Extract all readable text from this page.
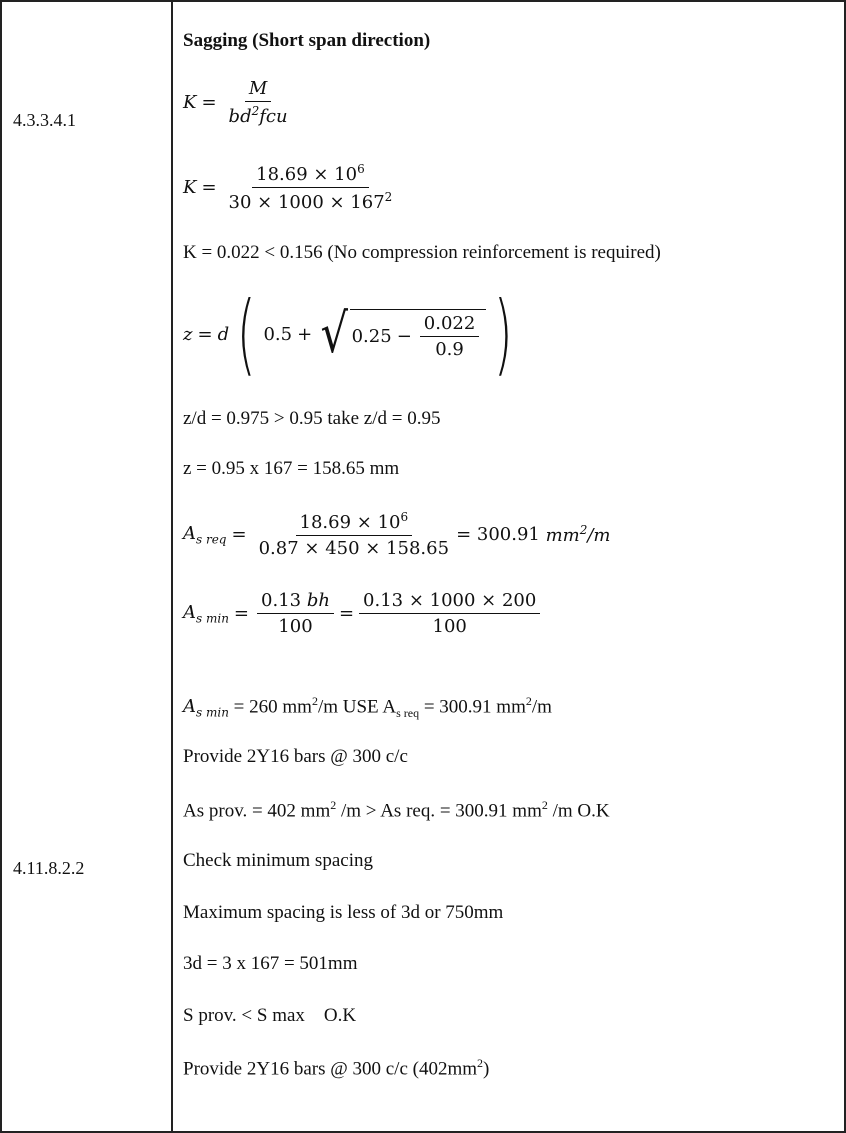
4.3.3.4.1
4.11.8.2.2
Sagging (Short span direction)
$K = \frac{M}{bd^2fcu}$
$K = \frac{18.69 \times 10^6}{30 \times 1000 \times 167^2}$
K = 0.022 < 0.156 (No compression reinforcement is required)
z = d ( 0.5 + √ $0.25 - \frac{0.022}{0.9}$ )
z/d = 0.975 > 0.95 take z/d = 0.95
z = 0.95 x 167 = 158.65 mm
$A_{s req} = \frac{18.69 \times 10^6}{0.87 \times 450 \times 158.65} = 300.91$ $mm^2/m$
$A_{s min} = \frac{0.13 bh}{100} = \frac{0.13 \times 1000 \times 200}{100}$
$A_{s min} = 260$ $mm^2/m$ USE $A_{s req} = 300.91$ $mm^2/m$
Provide 2Y16 bars @ 300 c/c
As prov. = 402 $mm^2$ /m > As req. = 300.91 $mm^2$ /m O.K
Check minimum spacing
Maximum spacing is less of 3d or 750mm
3d = 3 x 167 = 501mm
S prov. < S max    O.K
Provide 2Y16 bars @ 300 c/c $(402mm^2)$
